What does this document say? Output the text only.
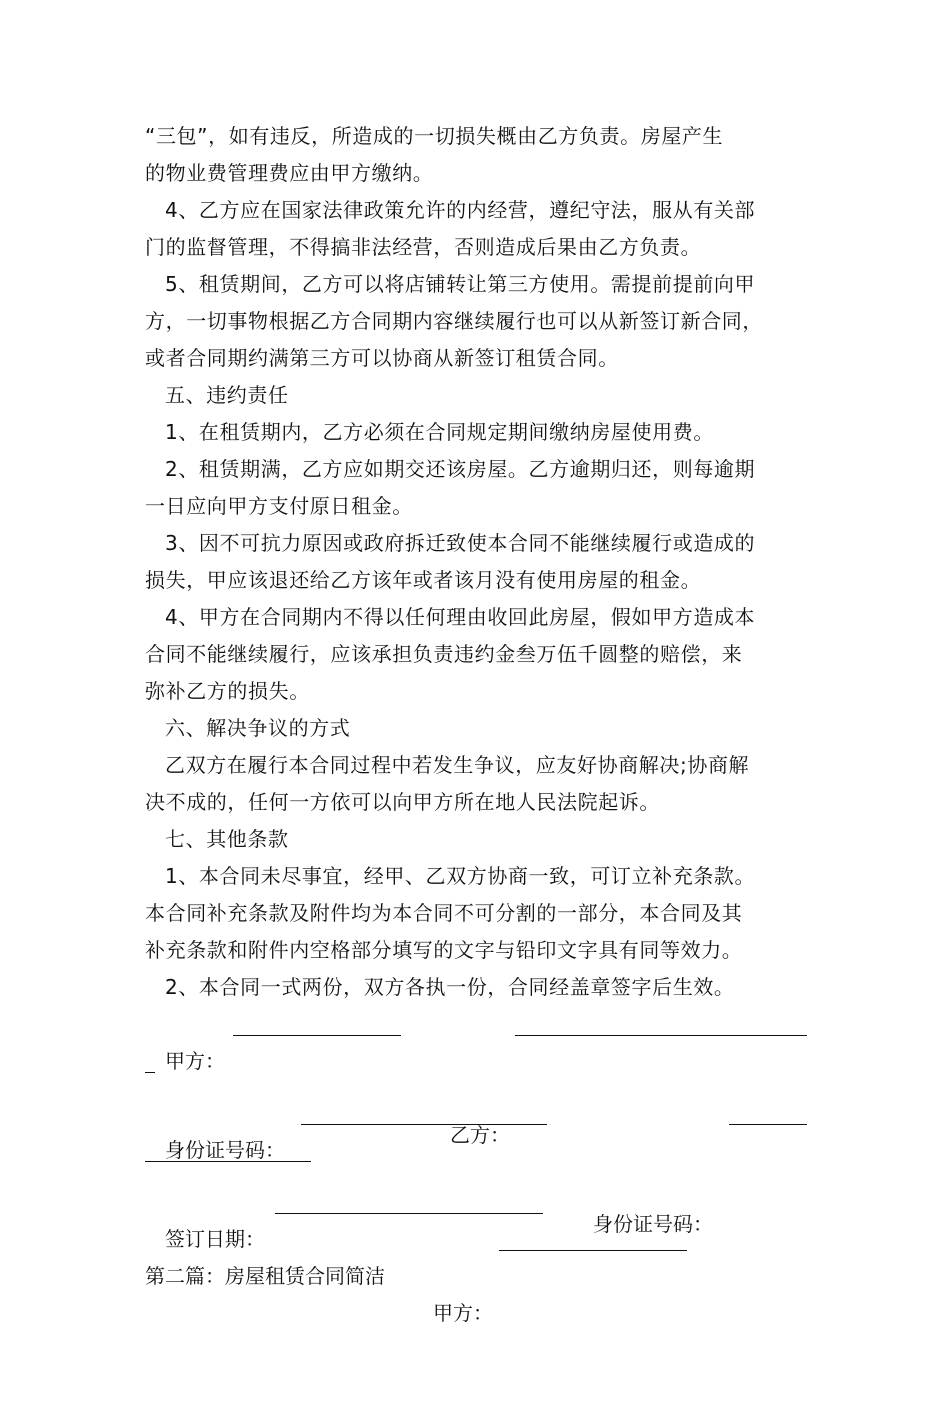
“三包”，如有违反，所造成的一切损失概由乙方负责。房屋产生
的物业费管理费应由甲方缴纳。
4、乙方应在国家法律政策允许的内经营，遵纪守法，服从有关部
门的监督管理，不得搞非法经营，否则造成后果由乙方负责。
5、租赁期间，乙方可以将店铺转让第三方使用。需提前提前向甲
方，一切事物根据乙方合同期内容继续履行也可以从新签订新合同，
或者合同期约满第三方可以协商从新签订租赁合同。
五、违约责任
1、在租赁期内，乙方必须在合同规定期间缴纳房屋使用费。
2、租赁期满，乙方应如期交还该房屋。乙方逾期归还，则每逾期
一日应向甲方支付原日租金。
3、因不可抗力原因或政府拆迁致使本合同不能继续履行或造成的
损失，甲应该退还给乙方该年或者该月没有使用房屋的租金。
4、甲方在合同期内不得以任何理由收回此房屋，假如甲方造成本
合同不能继续履行，应该承担负责违约金叁万伍千圆整的赔偿，来
弥补乙方的损失。
六、解决争议的方式
乙双方在履行本合同过程中若发生争议，应友好协商解决;协商解
决不成的，任何一方依可以向甲方所在地人民法院起诉。
七、其他条款
1、本合同未尽事宜，经甲、乙双方协商一致，可订立补充条款。
本合同补充条款及附件均为本合同不可分割的一部分，本合同及其
补充条款和附件内空格部分填写的文字与铅印文字具有同等效力。
2、本合同一式两份，双方各执一份，合同经盖章签字后生效。

甲方：

乙方：

身份证号码：

身份证号码：

签订日期：

第二篇：房屋租赁合同简洁

甲方：
